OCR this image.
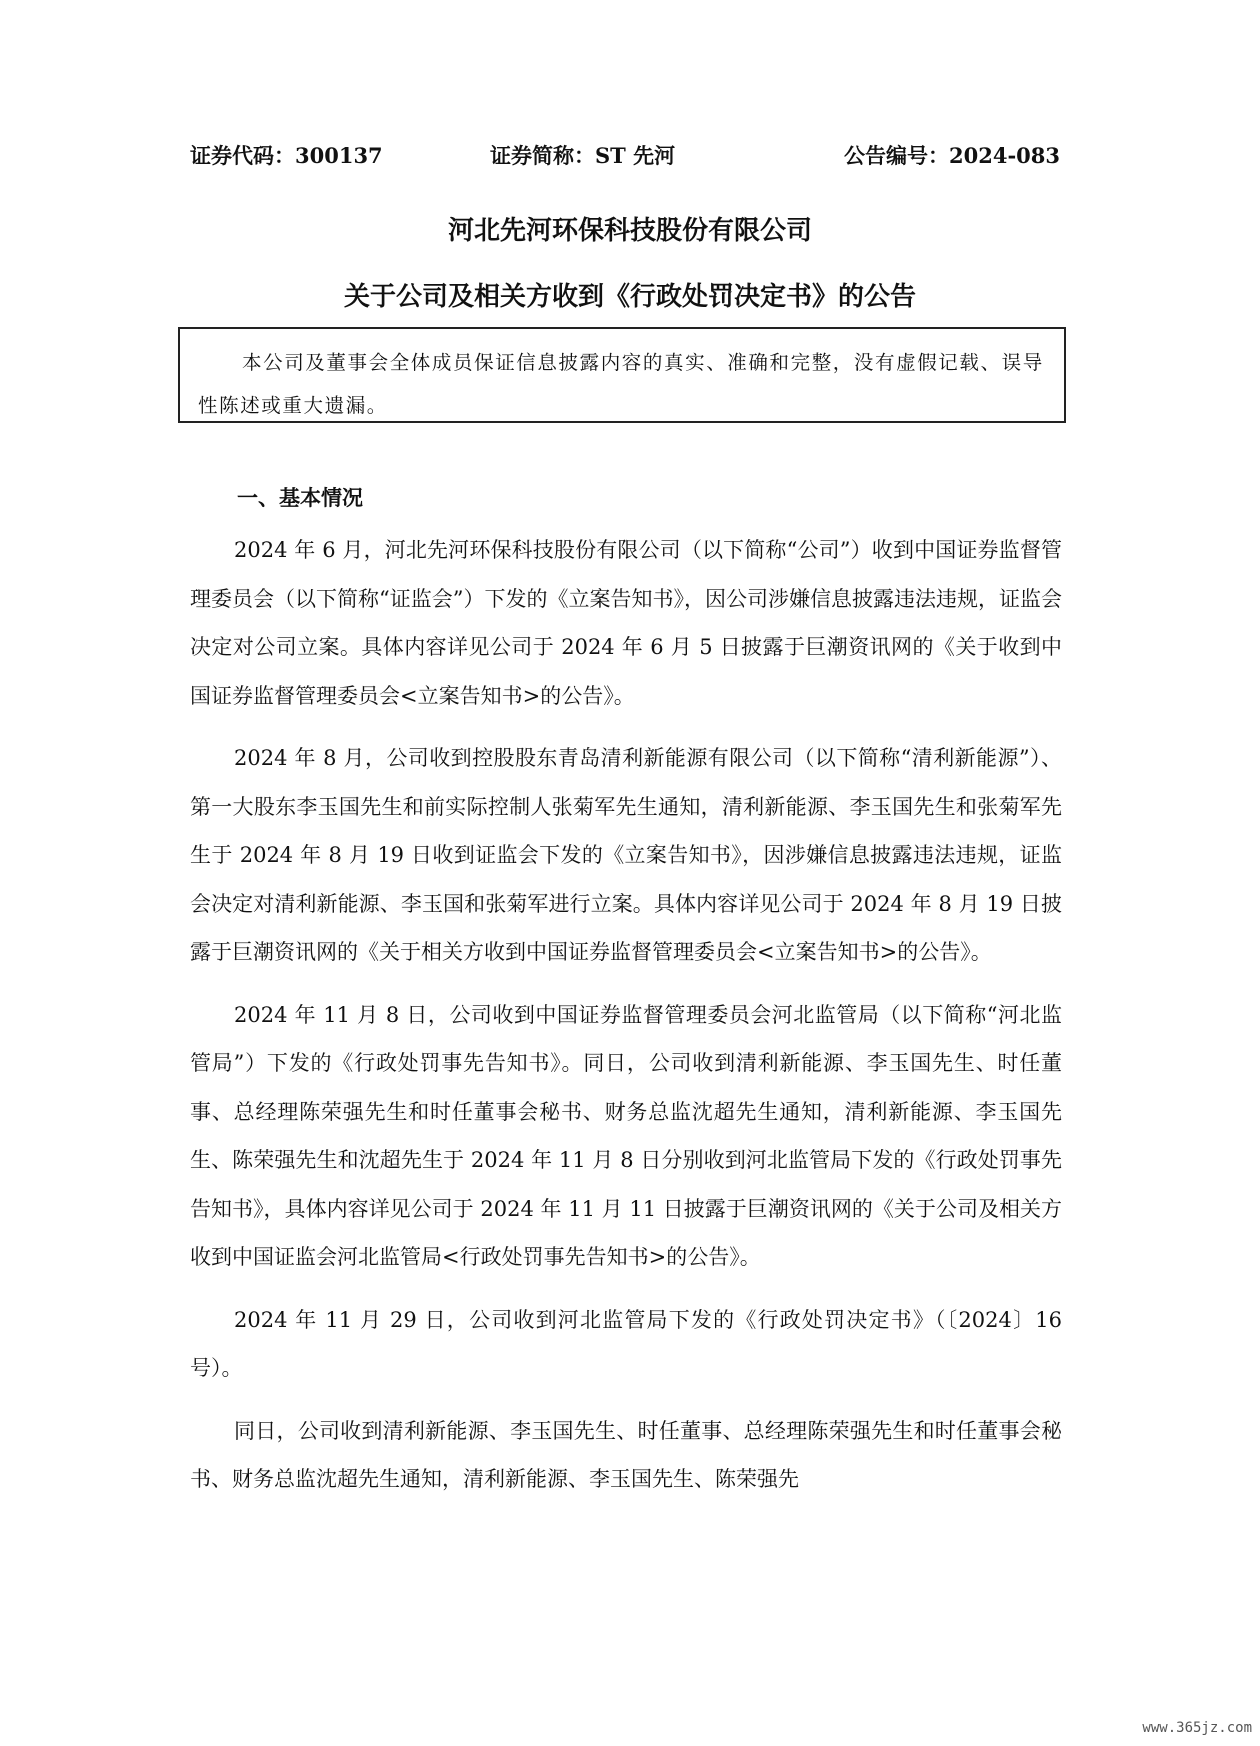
证券代码：300137	证券简称：ST 先河	公告编号：2024-083
河北先河环保科技股份有限公司
关于公司及相关方收到《行政处罚决定书》的公告
本公司及董事会全体成员保证信息披露内容的真实、准确和完整，没有虚假记载、误导性陈述或重大遗漏。
一、基本情况

2024 年 6 月，河北先河环保科技股份有限公司（以下简称“公司”）收到中国证券监督管理委员会（以下简称“证监会”）下发的《立案告知书》，因公司涉嫌信息披露违法违规，证监会决定对公司立案。具体内容详见公司于 2024 年 6 月 5 日披露于巨潮资讯网的《关于收到中国证券监督管理委员会<立案告知书>的公告》。

2024 年 8 月，公司收到控股股东青岛清利新能源有限公司（以下简称“清利新能源”）、第一大股东李玉国先生和前实际控制人张菊军先生通知，清利新能源、李玉国先生和张菊军先生于 2024 年 8 月 19 日收到证监会下发的《立案告知书》，因涉嫌信息披露违法违规，证监会决定对清利新能源、李玉国和张菊军进行立案。具体内容详见公司于 2024 年 8 月 19 日披露于巨潮资讯网的《关于相关方收到中国证券监督管理委员会<立案告知书>的公告》。

2024 年 11 月 8 日，公司收到中国证券监督管理委员会河北监管局（以下简称“河北监管局”）下发的《行政处罚事先告知书》。同日，公司收到清利新能源、李玉国先生、时任董事、总经理陈荣强先生和时任董事会秘书、财务总监沈超先生通知，清利新能源、李玉国先生、陈荣强先生和沈超先生于 2024 年 11 月 8 日分别收到河北监管局下发的《行政处罚事先告知书》，具体内容详见公司于 2024 年 11 月 11 日披露于巨潮资讯网的《关于公司及相关方收到中国证监会河北监管局<行政处罚事先告知书>的公告》。

2024 年 11 月 29 日，公司收到河北监管局下发的《行政处罚决定书》（〔2024〕16 号）。

同日，公司收到清利新能源、李玉国先生、时任董事、总经理陈荣强先生和时任董事会秘书、财务总监沈超先生通知，清利新能源、李玉国先生、陈荣强先

www.365jz.com
